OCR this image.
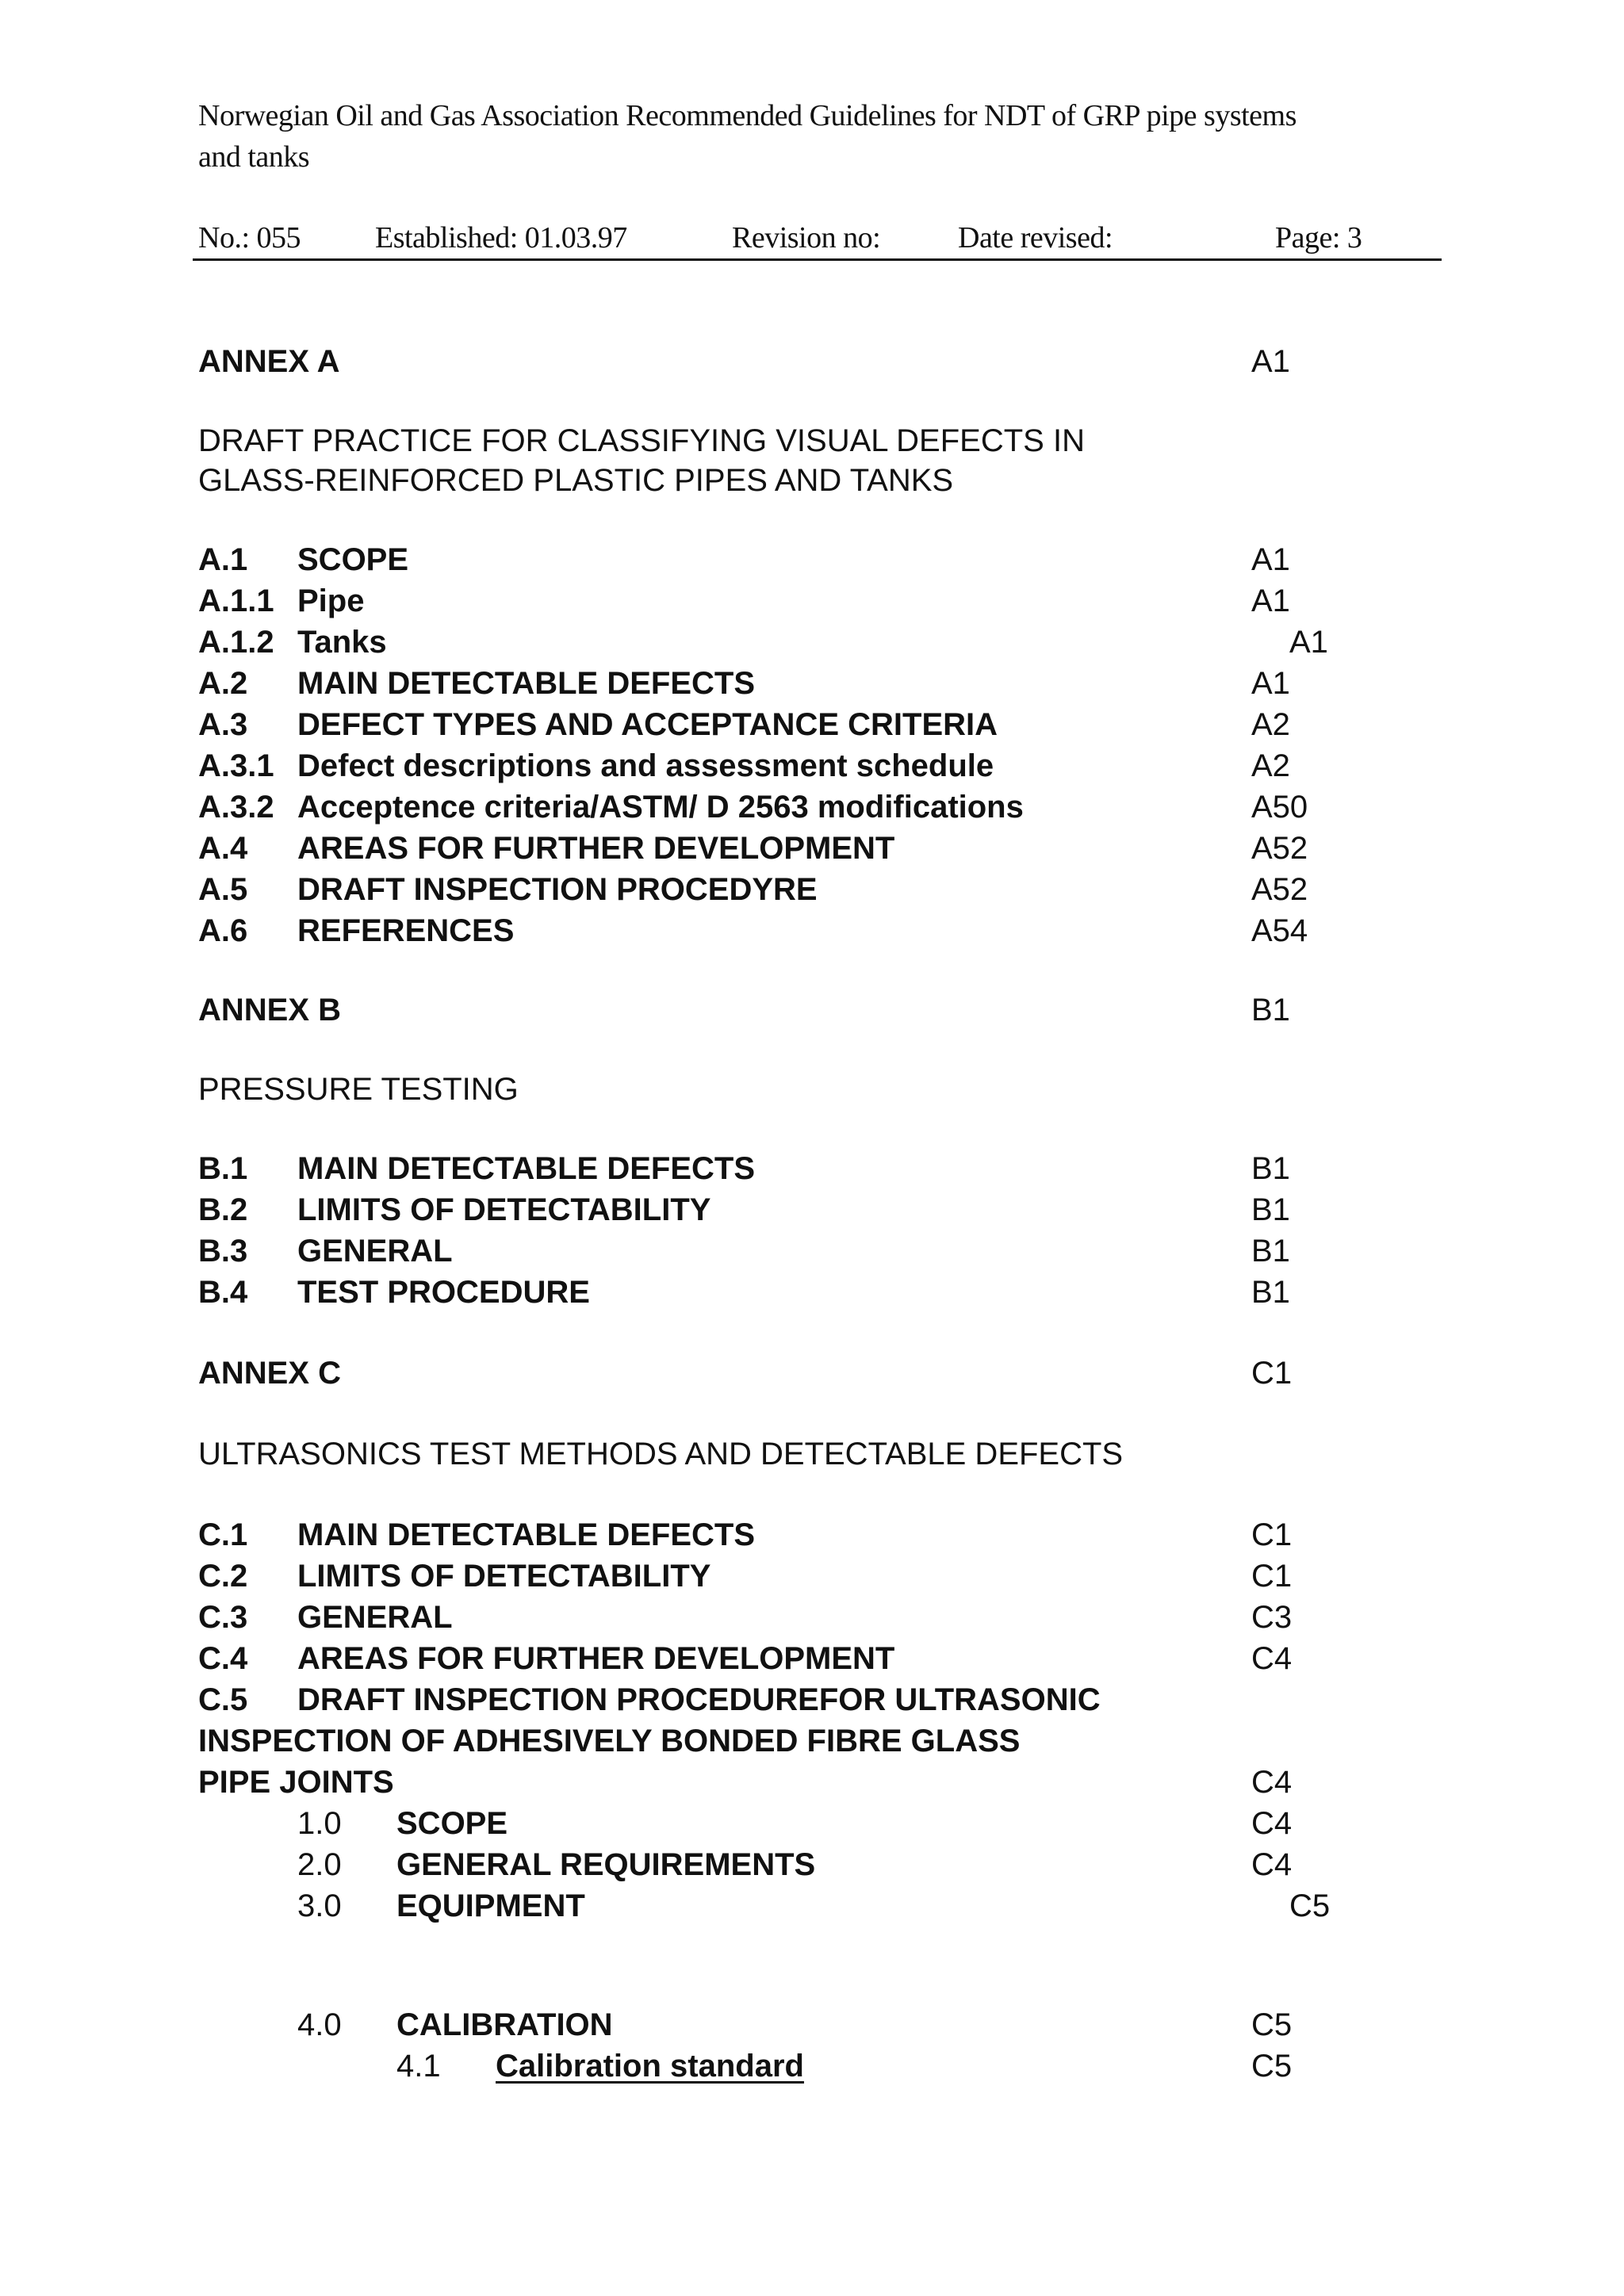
Norwegian Oil and Gas Association Recommended Guidelines for NDT of GRP pipe systems
and tanks
No.: 055 Established: 01.03.97	Revision no:	Date revised:	Page: 3
ANNEX A	A1
DRAFT PRACTICE FOR CLASSIFYING VISUAL DEFECTS IN
GLASS-REINFORCED PLASTIC PIPES AND TANKS
A.1 SCOPE	A1
A.1.1 Pipe	A1
A.1.2 Tanks	A1
A.2 MAIN DETECTABLE DEFECTS	A1
A.3 DEFECT TYPES AND ACCEPTANCE CRITERIA	A2
A.3.1 Defect descriptions and assessment schedule	A2
A.3.2 Acceptence criteria/ASTM/ D 2563 modifications	A50
A.4 AREAS FOR FURTHER DEVELOPMENT	A52
A.5 DRAFT INSPECTION PROCEDYRE	A52
A.6 REFERENCES	A54
ANNEX B	B1
PRESSURE TESTING
B.1 MAIN DETECTABLE DEFECTS	B1
B.2 LIMITS OF DETECTABILITY	B1
B.3 GENERAL	B1
B.4 TEST PROCEDURE	B1
ANNEX C	C1
ULTRASONICS TEST METHODS AND DETECTABLE DEFECTS
C.1 MAIN DETECTABLE DEFECTS	C1
C.2 LIMITS OF DETECTABILITY	C1
C.3 GENERAL	C3
C.4 AREAS FOR FURTHER DEVELOPMENT	C4
C.5 DRAFT INSPECTION PROCEDUREFOR ULTRASONIC
INSPECTION OF ADHESIVELY BONDED FIBRE GLASS
PIPE JOINTS	C4
1.0 SCOPE	C4
2.0 GENERAL REQUIREMENTS	C4
3.0 EQUIPMENT	C5
4.0 CALIBRATION	C5
4.1 Calibration standard	C5
